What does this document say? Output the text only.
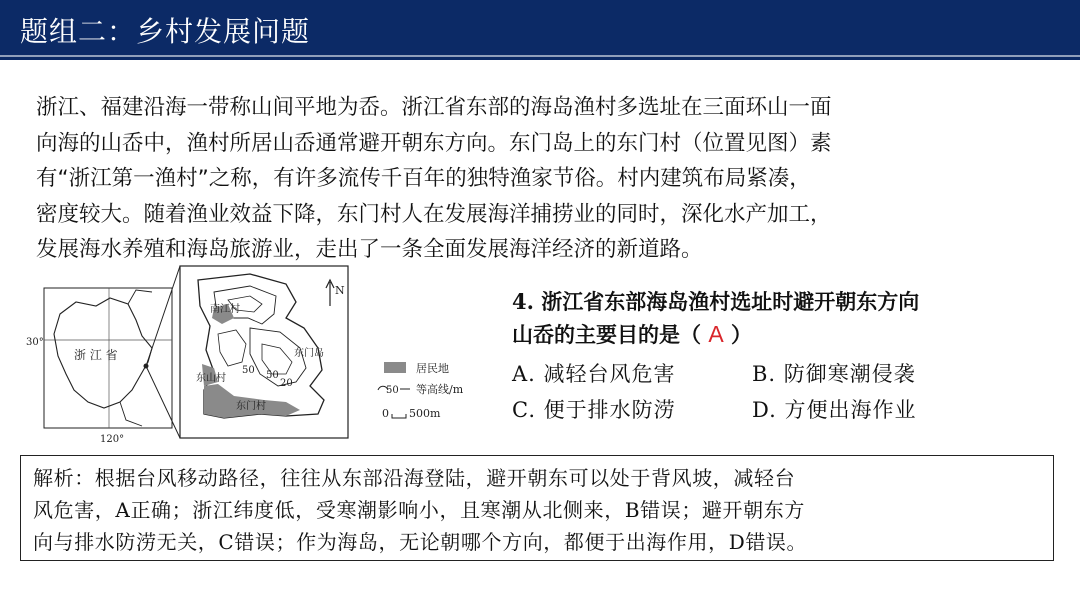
题组二：乡村发展问题

浙江、福建沿海一带称山间平地为岙。浙江省东部的海岛渔村多选址在三面环山一面

向海的山岙中，渔村所居山岙通常避开朝东方向。东门岛上的东门村（位置见图）素

有“浙江第一渔村”之称，有许多流传千百年的独特渔家节俗。村内建筑布局紧凑，

密度较大。随着渔业效益下降，东门村人在发展海洋捕捞业的同时，深化水产加工，

发展海水养殖和海岛旅游业，走出了一条全面发展海洋经济的新道路。

浙 江 省
30°
120°
南江村
东门岛
东山村
东门村
50 50
20
N
居民地
50 等高线/m
0 500m
4. 浙江省东部海岛渔村选址时避开朝东方向
山岙的主要目的是（ A ）
A. 减轻台风危害	B. 防御寒潮侵袭
C. 便于排水防涝	D. 方便出海作业
解析：根据台风移动路径，往往从东部沿海登陆，避开朝东可以处于背风坡，减轻台
风危害，A正确；浙江纬度低，受寒潮影响小，且寒潮从北侧来，B错误；避开朝东方
向与排水防涝无关，C错误；作为海岛，无论朝哪个方向，都便于出海作用，D错误。
